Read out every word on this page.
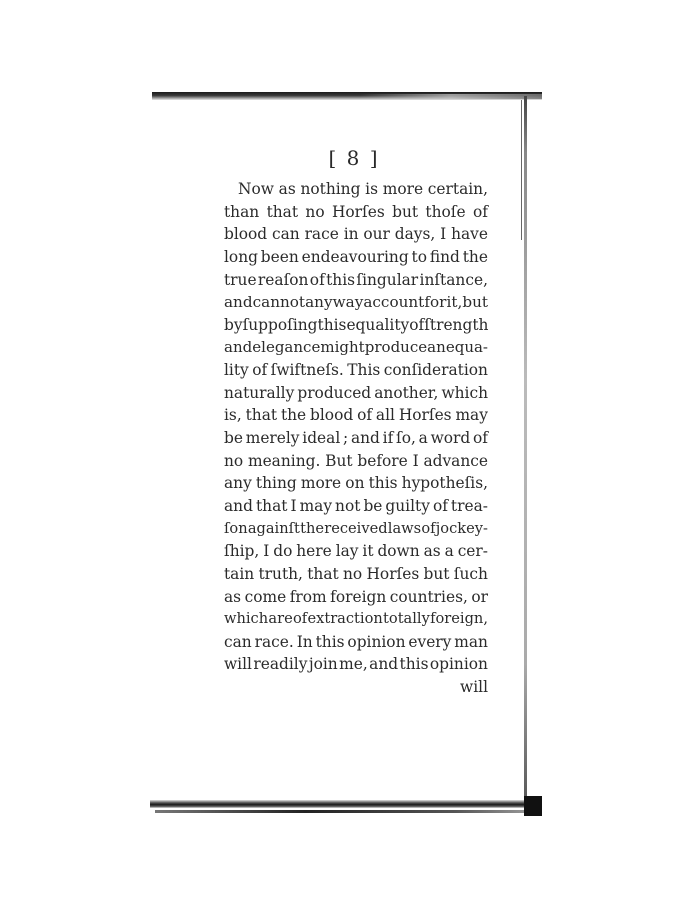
[ 8 ]
Now as nothing is more certain,
than that no Horſes but thoſe of
blood can race in our days, I have
long been endeavouring to find the
true reaſon of this ſingular inſtance,
and cannot any way account for it, but
by ſuppoſing this equality of ſtrength
and elegance might produce an equa-
lity of ſwiftneſs. This conſideration
naturally produced another, which
is, that the blood of all Horſes may
be merely ideal ; and if ſo, a word of
no meaning. But before I advance
any thing more on this hypotheſis,
and that I may not be guilty of trea-
ſon againſt the received laws of jockey-
ſhip, I do here lay it down as a cer-
tain truth, that no Horſes but ſuch
as come from foreign countries, or
which are of extraction totally foreign,
can race. In this opinion every man
will readily join me, and this opinion
will
